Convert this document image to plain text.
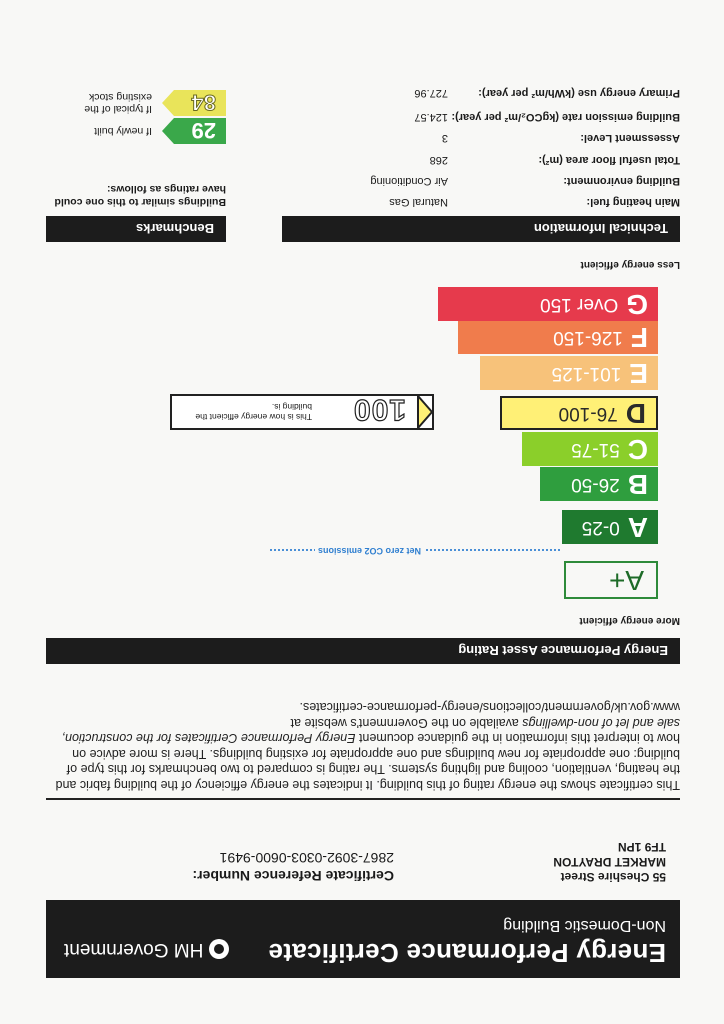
Energy Performance Certificate
Non-Domestic Building
HM Government
55 Cheshire Street
MARKET DRAYTON
TF9 1PN
Certificate Reference Number:
2867-3092-0303-0600-9491
This certificate shows the energy rating of this building. It indicates the energy efficiency of the building fabric and the heating, ventilation, cooling and lighting systems. The rating is compared to two benchmarks for this type of building: one appropriate for new buildings and one appropriate for existing buildings. There is more advice on how to interpret this information in the guidance document Energy Performance Certificates for the construction, sale and let of non-dwellings available on the Government's website at
www.gov.uk/government/collections/energy-performance-certificates.
Energy Performance Asset Rating
More energy efficient
A+
Net zero CO2 emissions
A
0-25
B
26-50
C
51-75
D
76-100
E
101-125
F
126-150
G
Over 150
100
This is how energy efficient the building is.
Less energy efficient
Technical Information
Main heating fuel:Natural Gas
Building environment:Air Conditioning
Total useful floor area (m²):268
Assessment Level:3
Building emission rate (kgCO₂/m² per year):124.57
Primary energy use (kWh/m² per year):727.96
Benchmarks
Buildings similar to this one could have ratings as follows:
29
If newly built
84
If typical of the existing stock
